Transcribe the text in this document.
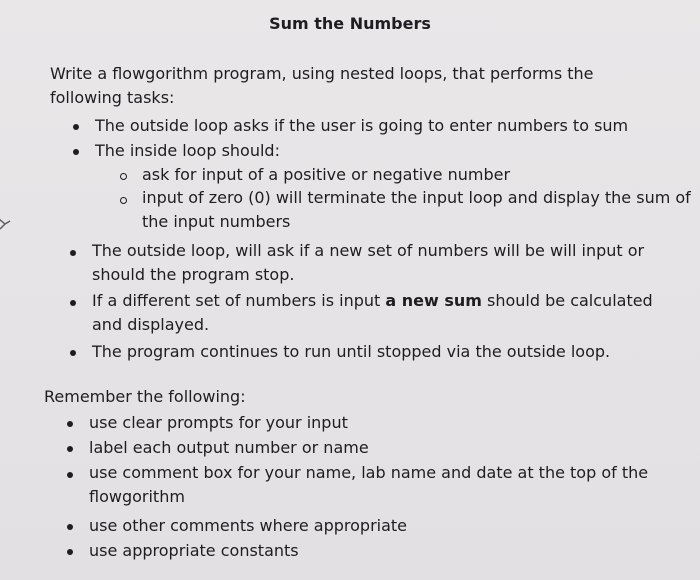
Sum the Numbers
Write a flowgorithm program, using nested loops, that performs the following tasks:
The outside loop asks if the user is going to enter numbers to sum
The inside loop should:
ask for input of a positive or negative number
input of zero (0) will terminate the input loop and display the sum of the input numbers
The outside loop, will ask if a new set of numbers will be will input or should the program stop.
If a different set of numbers is input a new sum should be calculated and displayed.
The program continues to run until stopped via the outside loop.
Remember the following:
use clear prompts for your input
label each output number or name
use comment box for your name, lab name and date at the top of the flowgorithm
use other comments where appropriate
use appropriate constants
